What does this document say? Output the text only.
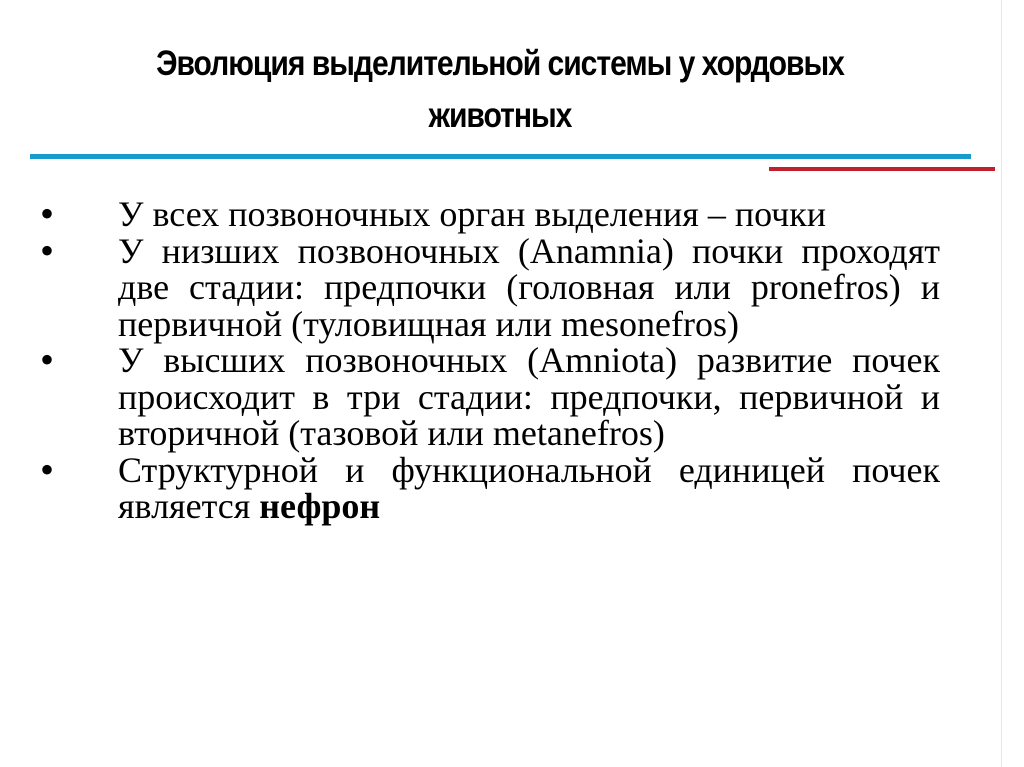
Эволюция выделительной системы у хордовых животных
•	У всех позвоночных орган выделения – почки
•	У низших позвоночных (Anamnia) почки проходят две стадии: предпочки (головная или pronefros) и первичной (туловищная или mesonefros)
•	У высших позвоночных (Amniota) развитие почек происходит в три стадии: предпочки, первичной и вторичной (тазовой или metanefros)
•	Структурной и функциональной единицей почек является нефрон
